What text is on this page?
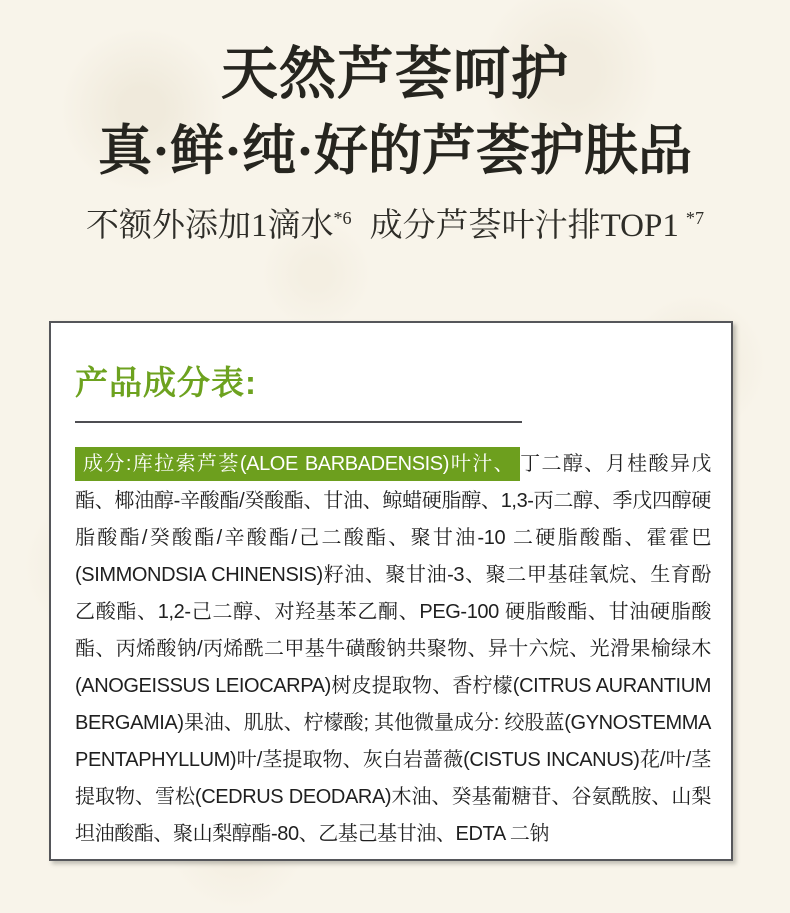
天然芦荟呵护
真·鲜·纯·好的芦荟护肤品
不额外添加1滴水$^{*6}$ 成分芦荟叶汁排TOP1 $^{*7}$
产品成分表:

成分:库拉索芦荟(ALOE BARBADENSIS)叶汁、 丁二醇、月桂酸异戊酯、椰油醇-辛酸酯/癸酸酯、甘油、鲸蜡硬脂醇、1,3-丙二醇、季戊四醇硬脂酸酯/癸酸酯/辛酸酯/己二酸酯、聚甘油-10 二硬脂酸酯、霍霍巴(SIMMONDSIA CHINENSIS)籽油、聚甘油-3、聚二甲基硅氧烷、生育酚乙酸酯、1,2-己二醇、对羟基苯乙酮、PEG-100 硬脂酸酯、甘油硬脂酸酯、丙烯酸钠/丙烯酰二甲基牛磺酸钠共聚物、异十六烷、光滑果榆绿木(ANOGEISSUS LEIOCARPA)树皮提取物、香柠檬(CITRUS AURANTIUM BERGAMIA)果油、肌肽、柠檬酸; 其他微量成分: 绞股蓝(GYNOSTEMMA PENTAPHYLLUM)叶/茎提取物、灰白岩蔷薇(CISTUS INCANUS)花/叶/茎提取物、雪松(CEDRUS DEODARA)木油、癸基葡糖苷、谷氨酰胺、山梨坦油酸酯、聚山梨醇酯-80、乙基己基甘油、EDTA 二钠
